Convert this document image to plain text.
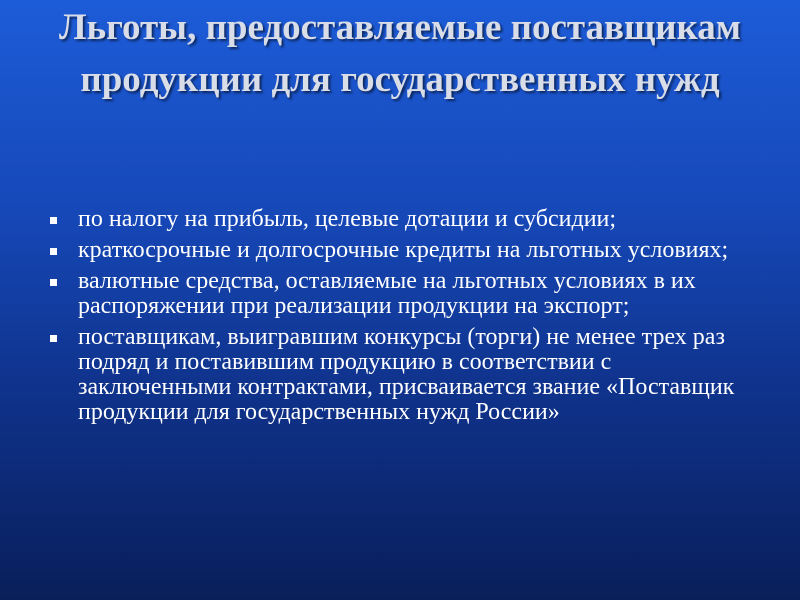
Льготы, предоставляемые поставщикам продукции для государственных нужд
по налогу на прибыль, целевые дотации и субсидии;
краткосрочные и долгосрочные кредиты на льготных условиях;
валютные средства, оставляемые на льготных условиях в их распоряжении при реализации продукции на экспорт;
поставщикам, выигравшим конкурсы (торги) не менее трех раз подряд и поставившим продукцию в соответствии с заключенными контрактами, присваивается звание «Поставщик продукции для государственных нужд России»
